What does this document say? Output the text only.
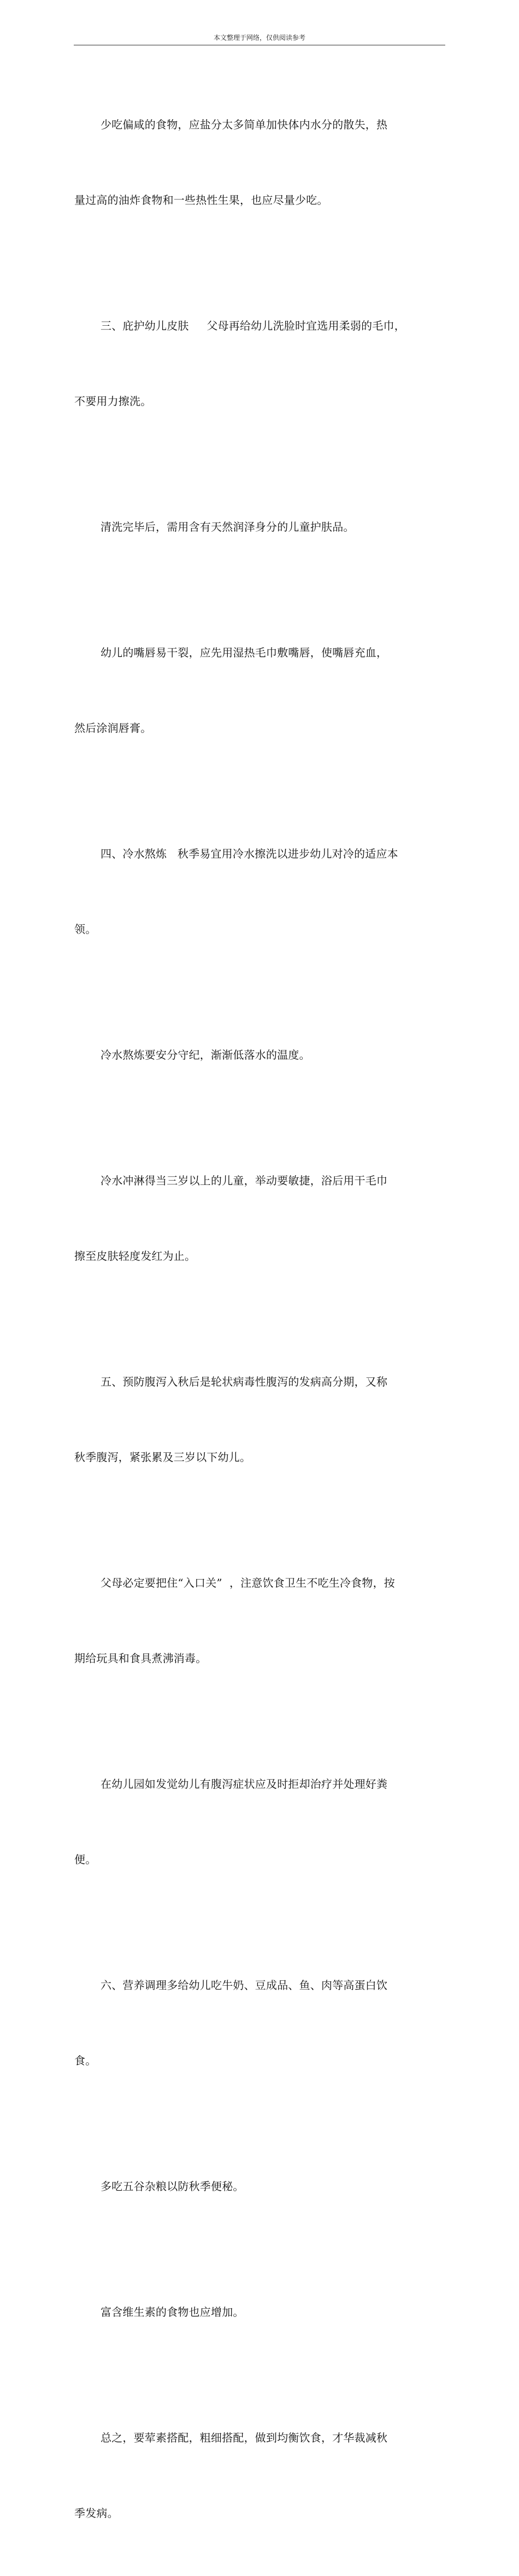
本文整理于网络，仅供阅读参考

少吃偏咸的食物，应盐分太多简单加快体内水分的散失，热

量过高的油炸食物和一些热性生果，也应尽量少吃。

三、庇护幼儿皮肤     父母再给幼儿洗脸时宜选用柔弱的毛巾，

不要用力擦洗。

清洗完毕后，需用含有天然润泽身分的儿童护肤品。

幼儿的嘴唇易干裂，应先用湿热毛巾敷嘴唇，使嘴唇充血，

然后涂润唇膏。

四、冷水熬炼   秋季易宜用冷水擦洗以进步幼儿对冷的适应本

领。

冷水熬炼要安分守纪，渐渐低落水的温度。

冷水冲淋得当三岁以上的儿童，举动要敏捷，浴后用干毛巾

擦至皮肤轻度发红为止。

五、预防腹泻入秋后是轮状病毒性腹泻的发病高分期，又称

秋季腹泻，紧张累及三岁以下幼儿。

父母必定要把住“入口关”  ，注意饮食卫生不吃生冷食物，按

期给玩具和食具煮沸消毒。

在幼儿园如发觉幼儿有腹泻症状应及时拒却治疗并处理好粪

便。

六、营养调理多给幼儿吃牛奶、豆成品、鱼、肉等高蛋白饮

食。

多吃五谷杂粮以防秋季便秘。

富含维生素的食物也应增加。

总之，要荤素搭配，粗细搭配，做到均衡饮食，才华裁减秋

季发病。
